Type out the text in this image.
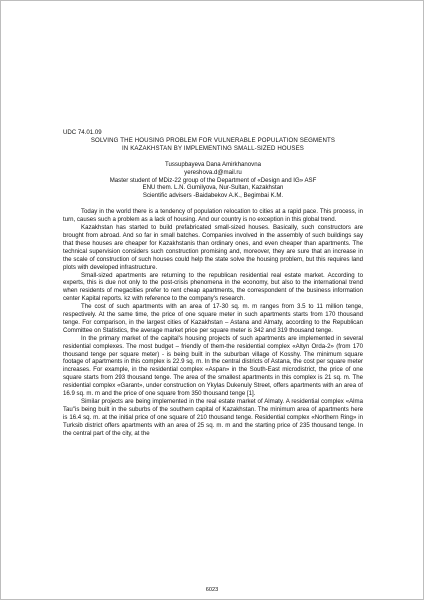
UDC 74.01.09
SOLVING THE HOUSING PROBLEM FOR VULNERABLE POPULATION SEGMENTS
IN KAZAKHSTAN BY IMPLEMENTING SMALL-SIZED HOUSES
Tussupbayeva Dana Amirkhanovna
yereshova.d@mail.ru
Master student of MDiz-22 group of the Department of «Design and IG» ASF
ENU them. L.N. Gumilyova, Nur-Sultan, Kazakhstan
Scientific advisers -Baidabekov A.K., Begimbai K.M.

Today in the world there is a tendency of population relocation to cities at a rapid pace. This process, in turn, causes such a problem as a lack of housing. And our country is no exception in this global trend.

Kazakhstan has started to build prefabricated small-sized houses. Basically, such constructors are brought from abroad. And so far in small batches. Companies involved in the assembly of such buildings say that these houses are cheaper for Kazakhstanis than ordinary ones, and even cheaper than apartments. The technical supervision considers such construction promising and, moreover, they are sure that an increase in the scale of construction of such houses could help the state solve the housing problem, but this requires land plots with developed infrastructure.

Small-sized apartments are returning to the republican residential real estate market. According to experts, this is due not only to the post-crisis phenomena in the economy, but also to the international trend when residents of megacities prefer to rent cheap apartments, the correspondent of the business information center Kapital reports. kz with reference to the company's research.

The cost of such apartments with an area of 17-30 sq. m. m ranges from 3.5 to 11 million tenge, respectively. At the same time, the price of one square meter in such apartments starts from 170 thousand tenge. For comparison, in the largest cities of Kazakhstan – Astana and Almaty, according to the Republican Committee on Statistics, the average market price per square meter is 342 and 319 thousand tenge.

In the primary market of the capital's housing projects of such apartments are implemented in several residential complexes. The most budget – friendly of them-the residential complex «Altyn Orda-2» (from 170 thousand tenge per square meter) - is being built in the suburban village of Kosshy. The minimum square footage of apartments in this complex is 22.9 sq. m. In the central districts of Astana, the cost per square meter increases. For example, in the residential complex «Aspan» in the South-East microdistrict, the price of one square starts from 293 thousand tenge. The area of the smallest apartments in this complex is 21 sq. m. The residential complex «Garant», under construction on Ykylas Dukenuly Street, offers apartments with an area of 16.9 sq. m. m and the price of one square from 350 thousand tenge [1].

Similar projects are being implemented in the real estate market of Almaty. A residential complex «Alma Tau"is being built in the suburbs of the southern capital of Kazakhstan. The minimum area of apartments here is 16.4 sq. m. at the initial price of one square of 210 thousand tenge. Residential complex «Northern Ring» in Turksib district offers apartments with an area of 25 sq. m. m and the starting price of 235 thousand tenge. In the central part of the city, at the

6023
